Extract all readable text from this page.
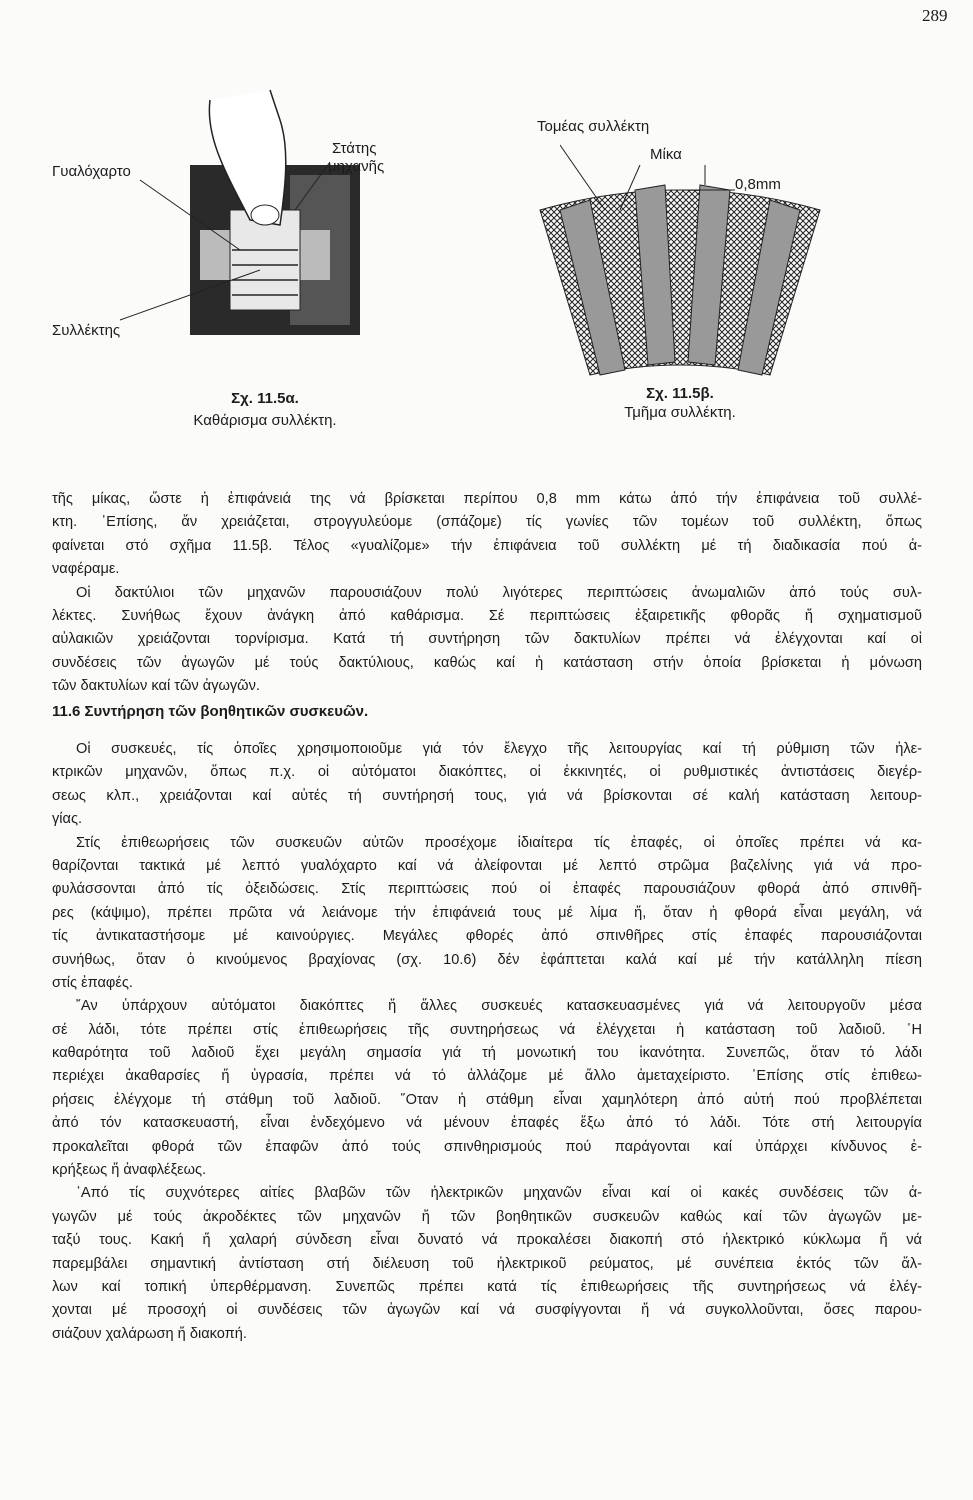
289
Γυαλόχαρτο
Στάτης
μηχανῆς
Συλλέκτης
Σχ. 11.5α.
Καθάρισμα συλλέκτη.
Τομέας συλλέκτη
Μίκα
0,8mm
Σχ. 11.5β.
Τμῆμα συλλέκτη.
τῆς μίκας, ὥστε ἡ ἐπιφάνειά της νά βρίσκεται περίπου 0,8 mm κάτω ἀπό τήν ἐπιφάνεια τοῦ συλλέ-
κτη. ᾽Επίσης, ἄν χρειάζεται, στρογγυλεύομε (σπάζομε) τίς γωνίες τῶν τομέων τοῦ συλλέκτη, ὅπως
φαίνεται στό σχῆμα 11.5β. Τέλος «γυαλίζομε» τήν ἐπιφάνεια τοῦ συλλέκτη μέ τή διαδικασία πού ἀ-
ναφέραμε.
Οἱ δακτύλιοι τῶν μηχανῶν παρουσιάζουν πολύ λιγότερες περιπτώσεις ἀνωμαλιῶν ἀπό τούς συλ-
λέκτες. Συνήθως ἔχουν ἀνάγκη ἀπό καθάρισμα. Σέ περιπτώσεις ἐξαιρετικῆς φθορᾶς ἤ σχηματισμοῦ
αὐλακιῶν χρειάζονται τορνίρισμα. Κατά τή συντήρηση τῶν δακτυλίων πρέπει νά ἐλέγχονται καί οἱ
συνδέσεις τῶν ἀγωγῶν μέ τούς δακτύλιους, καθώς καί ἡ κατάσταση στήν ὁποία βρίσκεται ἡ μόνωση
τῶν δακτυλίων καί τῶν ἀγωγῶν.
11.6 Συντήρηση τῶν βοηθητικῶν συσκευῶν.
Οἱ συσκευές, τίς ὁποῖες χρησιμοποιοῦμε γιά τόν ἔλεγχο τῆς λειτουργίας καί τή ρύθμιση τῶν ἠλε-
κτρικῶν μηχανῶν, ὅπως π.χ. οἱ αὐτόματοι διακόπτες, οἱ ἐκκινητές, οἱ ρυθμιστικές ἀντιστάσεις διεγέρ-
σεως κλπ., χρειάζονται καί αὐτές τή συντήρησή τους, γιά νά βρίσκονται σέ καλή κατάσταση λειτουρ-
γίας.
Στίς ἐπιθεωρήσεις τῶν συσκευῶν αὐτῶν προσέχομε ἰδιαίτερα τίς ἐπαφές, οἱ ὁποῖες πρέπει νά κα-
θαρίζονται τακτικά μέ λεπτό γυαλόχαρτο καί νά ἀλείφονται μέ λεπτό στρῶμα βαζελίνης γιά νά προ-
φυλάσσονται ἀπό τίς ὀξειδώσεις. Στίς περιπτώσεις πού οἱ ἐπαφές παρουσιάζουν φθορά ἀπό σπινθῆ-
ρες (κάψιμο), πρέπει πρῶτα νά λειάνομε τήν ἐπιφάνειά τους μέ λίμα ἤ, ὅταν ἡ φθορά εἶναι μεγάλη, νά
τίς ἀντικαταστήσομε μέ καινούργιες. Μεγάλες φθορές ἀπό σπινθῆρες στίς ἐπαφές παρουσιάζονται
συνήθως, ὅταν ὁ κινούμενος βραχίονας (σχ. 10.6) δέν ἐφάπτεται καλά καί μέ τήν κατάλληλη πίεση
στίς ἐπαφές.
῎Αν ὑπάρχουν αὐτόματοι διακόπτες ἤ ἄλλες συσκευές κατασκευασμένες γιά νά λειτουργοῦν μέσα
σέ λάδι, τότε πρέπει στίς ἐπιθεωρήσεις τῆς συντηρήσεως νά ἐλέγχεται ἡ κατάσταση τοῦ λαδιοῦ. ῾Η
καθαρότητα τοῦ λαδιοῦ ἔχει μεγάλη σημασία γιά τή μονωτική του ἱκανότητα. Συνεπῶς, ὅταν τό λάδι
περιέχει ἀκαθαρσίες ἤ ὑγρασία, πρέπει νά τό ἀλλάζομε μέ ἄλλο ἀμεταχείριστο. ᾽Επίσης στίς ἐπιθεω-
ρήσεις ἐλέγχομε τή στάθμη τοῦ λαδιοῦ. ῞Οταν ἡ στάθμη εἶναι χαμηλότερη ἀπό αὐτή πού προβλέπεται
ἀπό τόν κατασκευαστή, εἶναι ἐνδεχόμενο νά μένουν ἐπαφές ἔξω ἀπό τό λάδι. Τότε στή λειτουργία
προκαλεῖται φθορά τῶν ἐπαφῶν ἀπό τούς σπινθηρισμούς πού παράγονται καί ὑπάρχει κίνδυνος ἐ-
κρήξεως ἤ ἀναφλέξεως.
᾽Από τίς συχνότερες αἰτίες βλαβῶν τῶν ἠλεκτρικῶν μηχανῶν εἶναι καί οἱ κακές συνδέσεις τῶν ἀ-
γωγῶν μέ τούς ἀκροδέκτες τῶν μηχανῶν ἤ τῶν βοηθητικῶν συσκευῶν καθώς καί τῶν ἀγωγῶν με-
ταξύ τους. Κακή ἤ χαλαρή σύνδεση εἶναι δυνατό νά προκαλέσει διακοπή στό ἠλεκτρικό κύκλωμα ἤ νά
παρεμβάλει σημαντική ἀντίσταση στή διέλευση τοῦ ἠλεκτρικοῦ ρεύματος, μέ συνέπεια ἐκτός τῶν ἄλ-
λων καί τοπική ὑπερθέρμανση. Συνεπῶς πρέπει κατά τίς ἐπιθεωρήσεις τῆς συντηρήσεως νά ἐλέγ-
χονται μέ προσοχή οἱ συνδέσεις τῶν ἀγωγῶν καί νά συσφίγγονται ἤ νά συγκολλοῦνται, ὅσες παρου-
σιάζουν χαλάρωση ἤ διακοπή.
